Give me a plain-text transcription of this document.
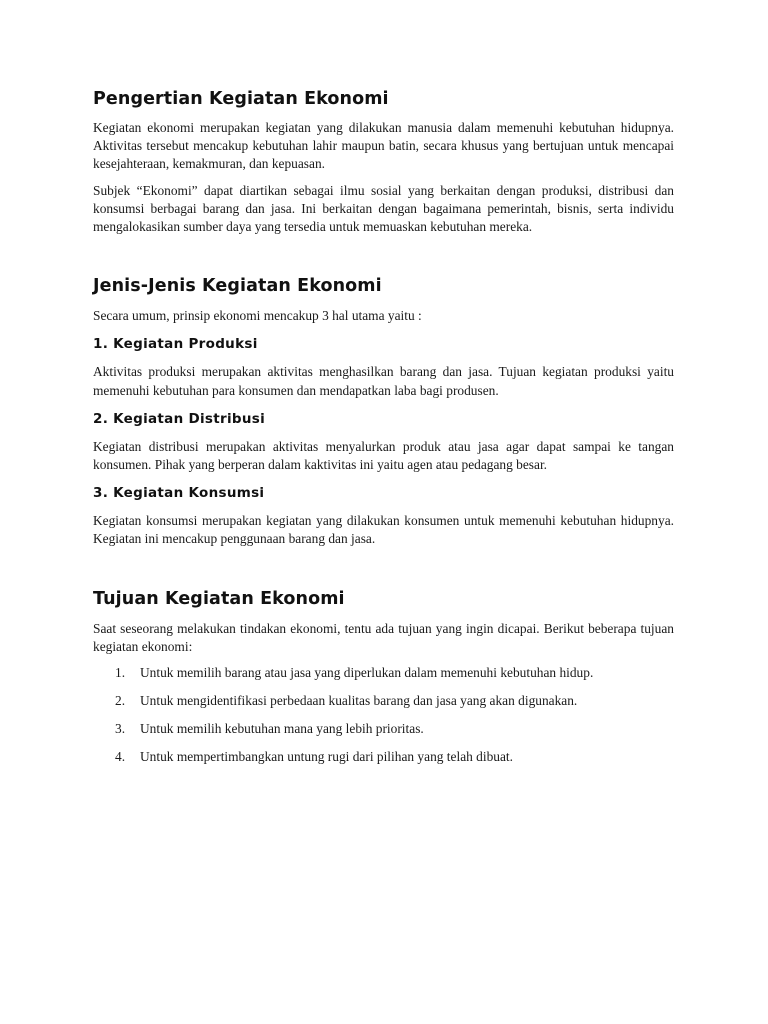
Pengertian Kegiatan Ekonomi

Kegiatan ekonomi merupakan kegiatan yang dilakukan manusia dalam memenuhi kebutuhan hidupnya. Aktivitas tersebut mencakup kebutuhan lahir maupun batin, secara khusus yang bertujuan untuk mencapai kesejahteraan, kemakmuran, dan kepuasan.

Subjek “Ekonomi” dapat diartikan sebagai ilmu sosial yang berkaitan dengan produksi, distribusi dan konsumsi berbagai barang dan jasa. Ini berkaitan dengan bagaimana pemerintah, bisnis, serta individu mengalokasikan sumber daya yang tersedia untuk memuaskan kebutuhan mereka.

Jenis-Jenis Kegiatan Ekonomi

Secara umum, prinsip ekonomi mencakup 3 hal utama yaitu :

1. Kegiatan Produksi

Aktivitas produksi merupakan aktivitas menghasilkan barang dan jasa. Tujuan kegiatan produksi yaitu memenuhi kebutuhan para konsumen dan mendapatkan laba bagi produsen.

2. Kegiatan Distribusi

Kegiatan distribusi merupakan aktivitas menyalurkan produk atau jasa agar dapat sampai ke tangan konsumen. Pihak yang berperan dalam kaktivitas ini yaitu agen atau pedagang besar.

3. Kegiatan Konsumsi

Kegiatan konsumsi merupakan kegiatan yang dilakukan konsumen untuk memenuhi kebutuhan hidupnya. Kegiatan ini mencakup penggunaan barang dan jasa.

Tujuan Kegiatan Ekonomi

Saat seseorang melakukan tindakan ekonomi, tentu ada tujuan yang ingin dicapai. Berikut beberapa tujuan kegiatan ekonomi:

1.	Untuk memilih barang atau jasa yang diperlukan dalam memenuhi kebutuhan hidup.
2.	Untuk mengidentifikasi perbedaan kualitas barang dan jasa yang akan digunakan.
3.	Untuk memilih kebutuhan mana yang lebih prioritas.
4.	Untuk mempertimbangkan untung rugi dari pilihan yang telah dibuat.
